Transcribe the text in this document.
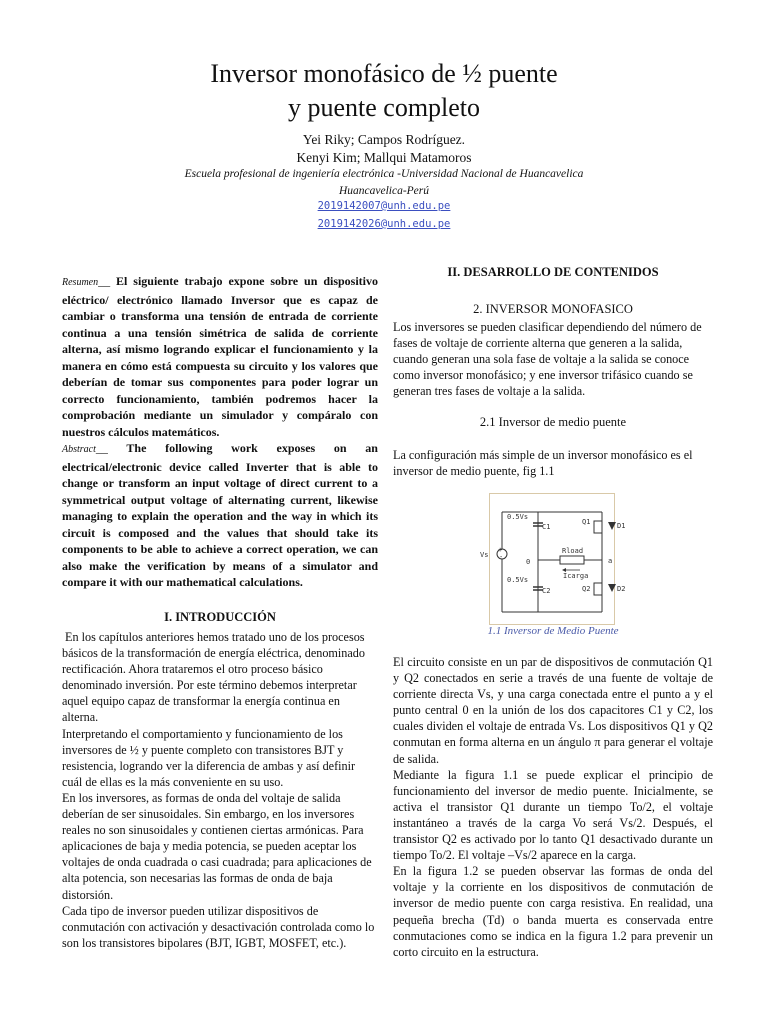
Inversor monofásico de ½ puente
y puente completo
Yei Riky; Campos Rodríguez.
Kenyi Kim; Mallqui Matamoros
Escuela profesional de ingeniería electrónica -Universidad Nacional de Huancavelica
Huancavelica-Perú
2019142007@unh.edu.pe
2019142026@unh.edu.pe
Resumen__ El siguiente trabajo expone sobre un dispositivo eléctrico/ electrónico llamado Inversor que es capaz de cambiar o transforma una tensión de entrada de corriente continua a una tensión simétrica de salida de corriente alterna, así mismo logrando explicar el funcionamiento y la manera en cómo está compuesta su circuito y los valores que deberían de tomar sus componentes para poder lograr un correcto funcionamiento, también podremos hacer la comprobación mediante un simulador y compáralo con nuestros cálculos matemáticos.
Abstract__ The following work exposes on an electrical/electronic device called Inverter that is able to change or transform an input voltage of direct current to a symmetrical output voltage of alternating current, likewise managing to explain the operation and the way in which its circuit is composed and the values that should take its components to be able to achieve a correct operation, we can also make the verification by means of a simulator and compare it with our mathematical calculations.
I. INTRODUCCIÓN

En los capítulos anteriores hemos tratado uno de los procesos básicos de la transformación de energía eléctrica, denominado rectificación. Ahora trataremos el otro proceso básico denominado inversión. Por este término debemos interpretar aquel equipo capaz de transformar la energía continua en alterna.

Interpretando el comportamiento y funcionamiento de los inversores de ½ y puente completo con transistores BJT y resistencia, logrando ver la diferencia de ambas y así definir cuál de ellas es la más conveniente en su uso.

En los inversores, as formas de onda del voltaje de salida deberían de ser sinusoidales. Sin embargo, en los inversores reales no son sinusoidales y contienen ciertas armónicas. Para aplicaciones de baja y media potencia, se pueden aceptar los voltajes de onda cuadrada o casi cuadrada; para aplicaciones de alta potencia, son necesarias las formas de onda de baja distorsión.

Cada tipo de inversor pueden utilizar dispositivos de conmutación con activación y desactivación controlada como lo son los transistores bipolares (BJT, IGBT, MOSFET, etc.).

II. DESARROLLO DE CONTENIDOS
2. INVERSOR MONOFASICO

Los inversores se pueden clasificar dependiendo del número de fases de voltaje de corriente alterna que generen a la salida, cuando generan una sola fase de voltaje a la salida se conoce como inversor monofásico; y ene inversor trifásico cuando se generan tres fases de voltaje a la salida.

2.1 Inversor de medio puente

La configuración más simple de un inversor monofásico es el inversor de medio puente, fig 1.1

+
-
Vs
0.5Vs
C1
0.5Vs
C2
0
Rload
Icarga
a
Q1	D1
Q2	D2
1.1 Inversor de Medio Puente

El circuito consiste en un par de dispositivos de conmutación Q1 y Q2 conectados en serie a través de una fuente de voltaje de corriente directa Vs, y una carga conectada entre el punto a y el punto central 0 en la unión de los dos capacitores C1 y C2, los cuales dividen el voltaje de entrada Vs. Los dispositivos Q1 y Q2 conmutan en forma alterna en un ángulo π para generar el voltaje de salida.

Mediante la figura 1.1 se puede explicar el principio de funcionamiento del inversor de medio puente. Inicialmente, se activa el transistor Q1 durante un tiempo To/2, el voltaje instantáneo a través de la carga Vo será Vs/2. Después, el transistor Q2 es activado por lo tanto Q1 desactivado durante un tiempo To/2. El voltaje –Vs/2 aparece en la carga.

En la figura 1.2 se pueden observar las formas de onda del voltaje y la corriente en los dispositivos de conmutación de inversor de medio puente con carga resistiva. En realidad, una pequeña brecha (Td) o banda muerta es conservada entre conmutaciones como se indica en la figura 1.2 para prevenir un corto circuito en la estructura.
